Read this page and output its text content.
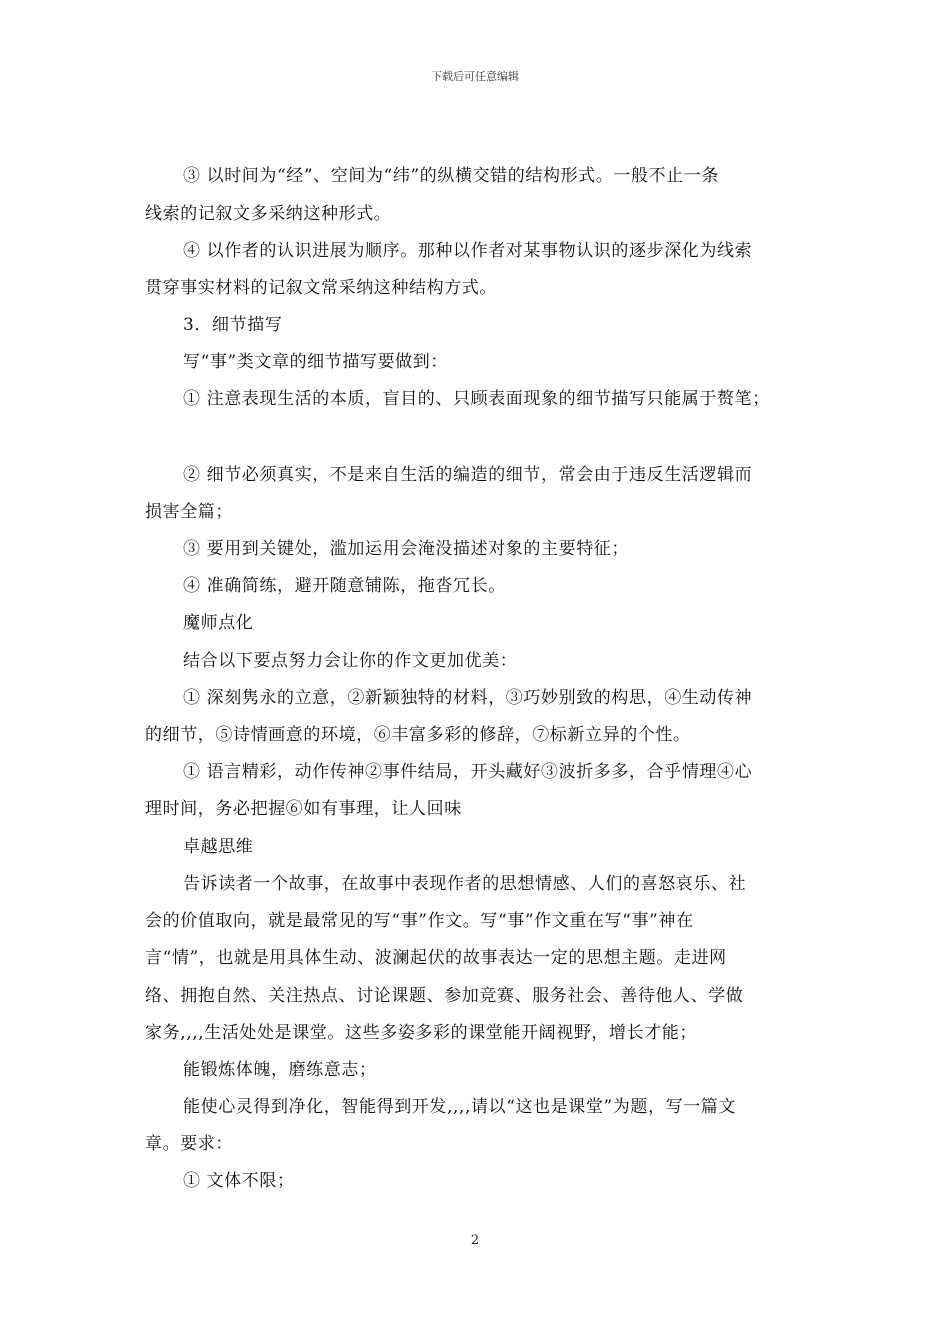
下载后可任意编辑
③ 以时间为“经”、空间为“纬”的纵横交错的结构形式。一般不止一条
线索的记叙文多采纳这种形式。
④ 以作者的认识进展为顺序。那种以作者对某事物认识的逐步深化为线索
贯穿事实材料的记叙文常采纳这种结构方式。
3．细节描写
写“事”类文章的细节描写要做到：
① 注意表现生活的本质，盲目的、只顾表面现象的细节描写只能属于赘笔；
② 细节必须真实，不是来自生活的编造的细节，常会由于违反生活逻辑而
损害全篇；
③ 要用到关键处，滥加运用会淹没描述对象的主要特征；
④ 准确简练，避开随意铺陈，拖沓冗长。
魔师点化
结合以下要点努力会让你的作文更加优美：
① 深刻隽永的立意，②新颖独特的材料，③巧妙别致的构思，④生动传神
的细节，⑤诗情画意的环境，⑥丰富多彩的修辞，⑦标新立异的个性。
① 语言精彩，动作传神②事件结局，开头藏好③波折多多，合乎情理④心
理时间，务必把握⑥如有事理，让人回味
卓越思维
告诉读者一个故事，在故事中表现作者的思想情感、人们的喜怒哀乐、社
会的价值取向，就是最常见的写“事”作文。写“事”作文重在写“事”神在
言“情”，也就是用具体生动、波澜起伏的故事表达一定的思想主题。走进网
络、拥抱自然、关注热点、讨论课题、参加竞赛、服务社会、善待他人、学做
家务,,,,生活处处是课堂。这些多姿多彩的课堂能开阔视野，增长才能；
能锻炼体魄，磨练意志；
能使心灵得到净化，智能得到开发,,,,请以“这也是课堂”为题，写一篇文
章。要求：
① 文体不限；
2
